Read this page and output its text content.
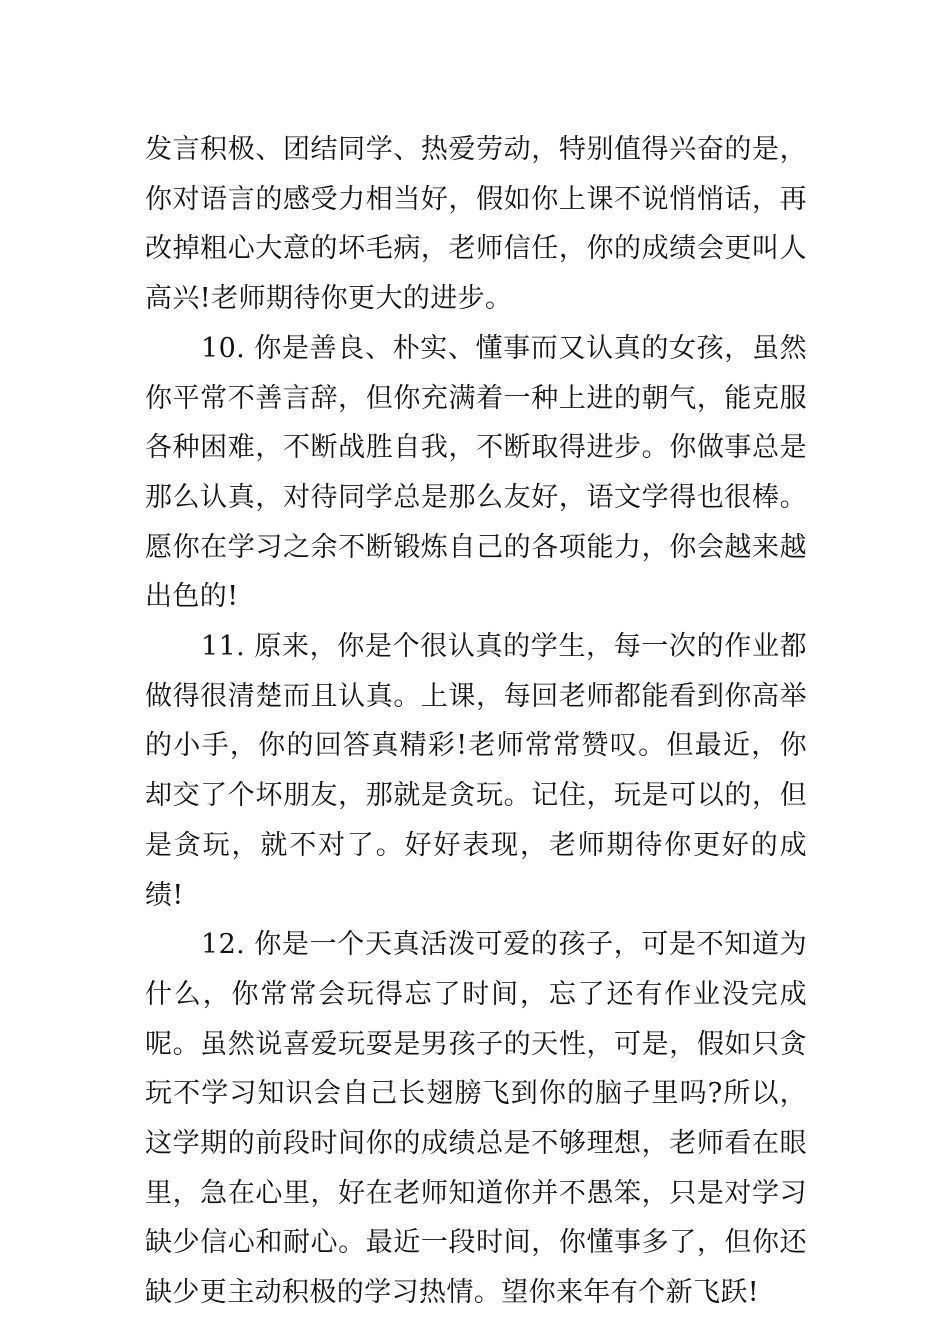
发言积极、团结同学、热爱劳动，特别值得兴奋的是，你对语言的感受力相当好，假如你上课不说悄悄话，再改掉粗心大意的坏毛病，老师信任，你的成绩会更叫人高兴!老师期待你更大的进步。

10. 你是善良、朴实、懂事而又认真的女孩，虽然你平常不善言辞，但你充满着一种上进的朝气，能克服各种困难，不断战胜自我，不断取得进步。你做事总是那么认真，对待同学总是那么友好，语文学得也很棒。愿你在学习之余不断锻炼自己的各项能力，你会越来越出色的!

11. 原来，你是个很认真的学生，每一次的作业都做得很清楚而且认真。上课，每回老师都能看到你高举的小手，你的回答真精彩!老师常常赞叹。但最近，你却交了个坏朋友，那就是贪玩。记住，玩是可以的，但是贪玩，就不对了。好好表现，老师期待你更好的成绩!

12. 你是一个天真活泼可爱的孩子，可是不知道为什么，你常常会玩得忘了时间，忘了还有作业没完成呢。虽然说喜爱玩耍是男孩子的天性，可是，假如只贪玩不学习知识会自己长翅膀飞到你的脑子里吗?所以，这学期的前段时间你的成绩总是不够理想，老师看在眼里，急在心里，好在老师知道你并不愚笨，只是对学习缺少信心和耐心。最近一段时间，你懂事多了，但你还缺少更主动积极的学习热情。望你来年有个新飞跃!
